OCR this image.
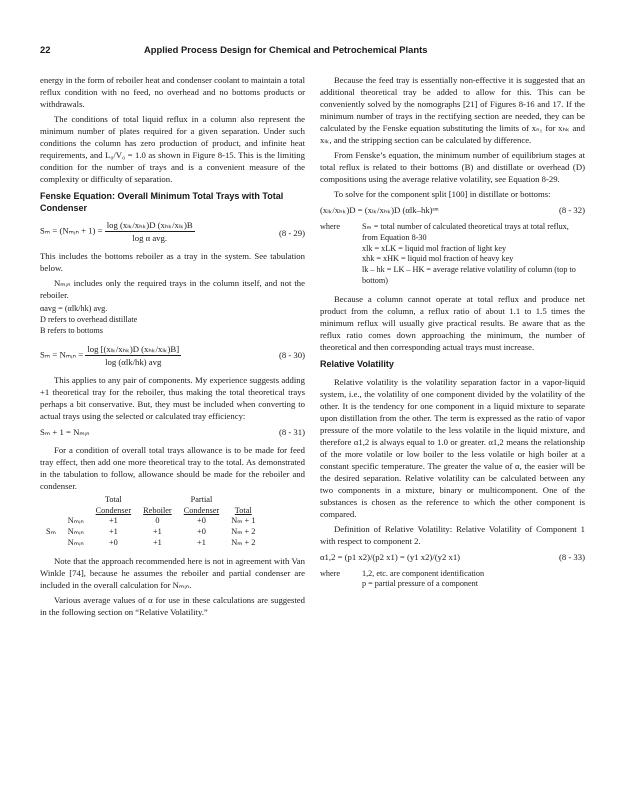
22	Applied Process Design for Chemical and Petrochemical Plants

energy in the form of reboiler heat and condenser coolant to maintain a total reflux condition with no feed, no overhead and no bottoms products or withdrawals.

The conditions of total liquid reflux in a column also represent the minimum number of plates required for a given separation. Under such conditions the column has zero production of product, and infinite heat requirements, and L₀/V₀ = 1.0 as shown in Figure 8-15. This is the limiting condition for the number of trays and is a convenient measure of the complexity or difficulty of separation.

Fenske Equation: Overall Minimum Total Trays with Total Condenser
Sₘ = (Nₘᵢₙ + $1) = \frac{\text{log (xₗₖ/xₕₖ)D (xₕₖ/xₗₖ)B}}{\text{log α avg.}}$	(8 - 29)

This includes the bottoms reboiler as a tray in the system. See tabulation below.

Nₘᵢₙ includes only the required trays in the column itself, and not the reboiler.

αavg = (αlk/hk) avg.
D refers to overhead distillate
B refers to bottoms
Sₘ = Nₘᵢₙ = $\frac{\text{log [(xₗₖ/xₕₖ)D (xₕₖ/xₗₖ)B]}}{\text{log (αlk/hk) avg}}$	(8 - 30)

This applies to any pair of components. My experience suggests adding +1 theoretical tray for the reboiler, thus making the total theoretical trays perhaps a bit conservative. But, they must be included when converting to actual trays using the selected or calculated tray efficiency:

Sₘ + 1 = Nₘᵢₙ	(8 - 31)

For a condition of overall total trays allowance is to be made for feed tray effect, then add one more theoretical tray to the total. As demonstrated in the tabulation to follow, allowance should be made for the reboiler and condenser.

		Total		Partial	
		Condenser	Reboiler	Condenser	Total
Sₘ	Nₘᵢₙ	+1	0	+0	Nₘ + 1
	Nₘᵢₙ	+1	+1	+0	Nₘ + 2
	Nₘᵢₙ	+0	+1	+1	Nₘ + 2

Note that the approach recommended here is not in agreement with Van Winkle [74], because he assumes the reboiler and partial condenser are included in the overall calculation for Nₘᵢₙ.

Various average values of α for use in these calculations are suggested in the following section on “Relative Volatility.”

Because the feed tray is essentially non-effective it is suggested that an additional theoretical tray be added to allow for this. This can be conveniently solved by the nomographs [21] of Figures 8-16 and 17. If the minimum number of trays in the rectifying section are needed, they can be calculated by the Fenske equation substituting the limits of xₙ₁ for xₕₖ and xₗₖ, and the stripping section can be calculated by difference.

From Fenske’s equation, the minimum number of equilibrium stages at total reflux is related to their bottoms (B) and distillate or overhead (D) compositions using the average relative volatility, see Equation 8-29.

To solve for the component split [100] in distillate or bottoms:

(xₗₖ/xₕₖ)D = (xₗₖ/xₕₖ)D (αlk–hk)ˢᵐ	(8 - 32)
where	Sₘ = total number of calculated theoretical trays at total reflux, from Equation 8-30
xlk = xLK = liquid mol fraction of light key
xhk = xHK = liquid mol fraction of heavy key
lk – hk = LK – HK = average relative volatility of column (top to bottom)

Because a column cannot operate at total reflux and produce net product from the column, a reflux ratio of about 1.1 to 1.5 times the minimum reflux will usually give practical results. Be aware that as the reflux ratio comes down approaching the minimum, the number of theoretical and then corresponding actual trays must increase.

Relative Volatility

Relative volatility is the volatility separation factor in a vapor-liquid system, i.e., the volatility of one component divided by the volatility of the other. It is the tendency for one component in a liquid mixture to separate upon distillation from the other. The term is expressed as the ratio of vapor pressure of the more volatile to the less volatile in the liquid mixture, and therefore α1,2 is always equal to 1.0 or greater. α1,2 means the relationship of the more volatile or low boiler to the less volatile or high boiler at a constant specific temperature. The greater the value of α, the easier will be the desired separation. Relative volatility can be calculated between any two components in a mixture, binary or multicomponent. One of the substances is chosen as the reference to which the other component is compared.

Definition of Relative Volatility: Relative Volatility of Component 1 with respect to component 2.

α1,2 = (p1 x2)/(p2 x1) = (y1 x2)/(y2 x1)	(8 - 33)
where	1,2, etc. are component identification
p = partial pressure of a component
